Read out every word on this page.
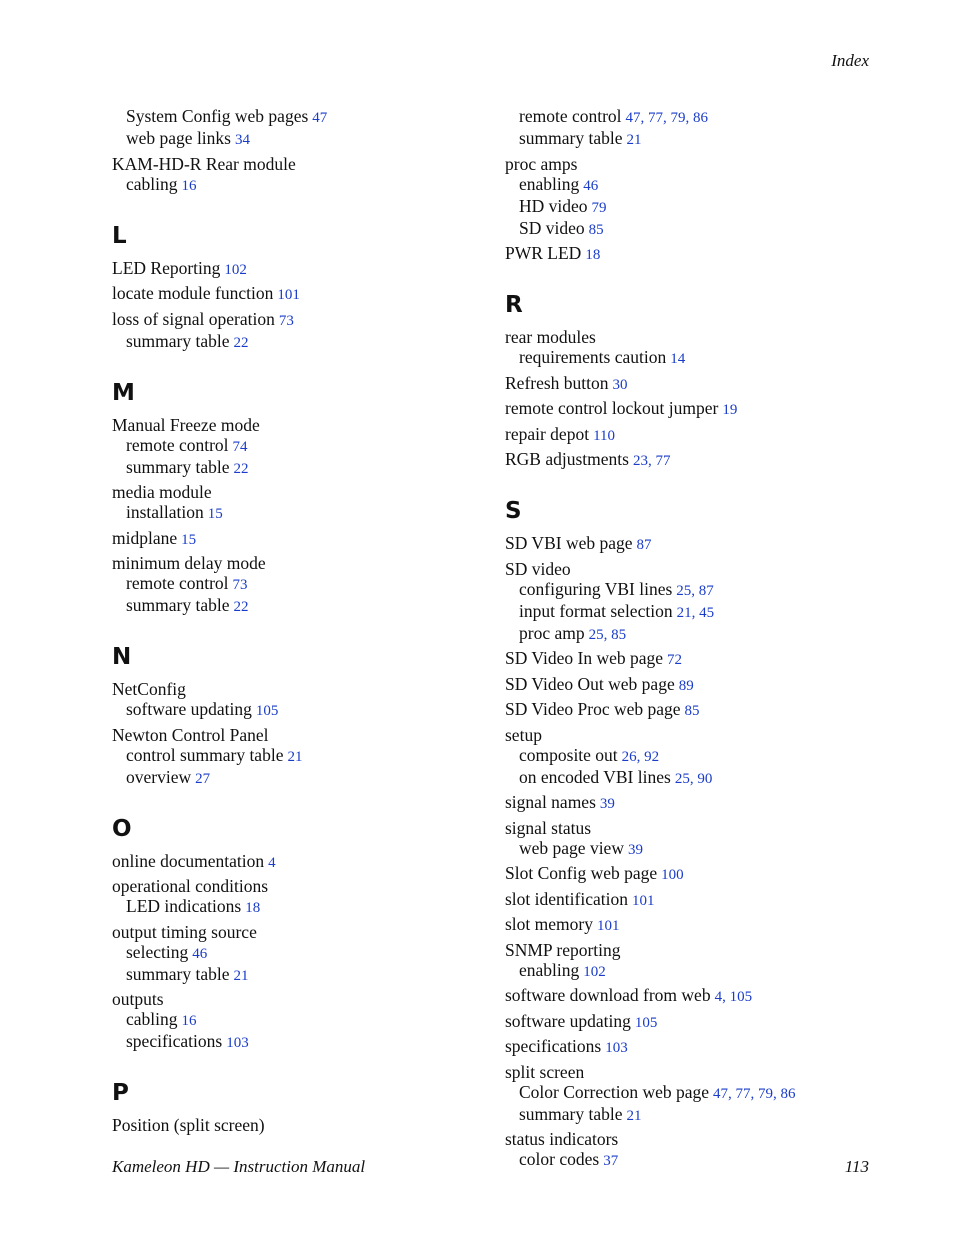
Index
System Config web pages 47
web page links 34
KAM-HD-R Rear module
cabling 16
L
LED Reporting 102
locate module function 101
loss of signal operation 73
summary table 22
M
Manual Freeze mode
remote control 74
summary table 22
media module
installation 15
midplane 15
minimum delay mode
remote control 73
summary table 22
N
NetConfig
software updating 105
Newton Control Panel
control summary table 21
overview 27
O
online documentation 4
operational conditions
LED indications 18
output timing source
selecting 46
summary table 21
outputs
cabling 16
specifications 103
P
Position (split screen)
remote control 47, 77, 79, 86
summary table 21
proc amps
enabling 46
HD video 79
SD video 85
PWR LED 18
R
rear modules
requirements caution 14
Refresh button 30
remote control lockout jumper 19
repair depot 110
RGB adjustments 23, 77
S
SD VBI web page 87
SD video
configuring VBI lines 25, 87
input format selection 21, 45
proc amp 25, 85
SD Video In web page 72
SD Video Out web page 89
SD Video Proc web page 85
setup
composite out 26, 92
on encoded VBI lines 25, 90
signal names 39
signal status
web page view 39
Slot Config web page 100
slot identification 101
slot memory 101
SNMP reporting
enabling 102
software download from web 4, 105
software updating 105
specifications 103
split screen
Color Correction web page 47, 77, 79, 86
summary table 21
status indicators
color codes 37
Kameleon HD — Instruction Manual	113
